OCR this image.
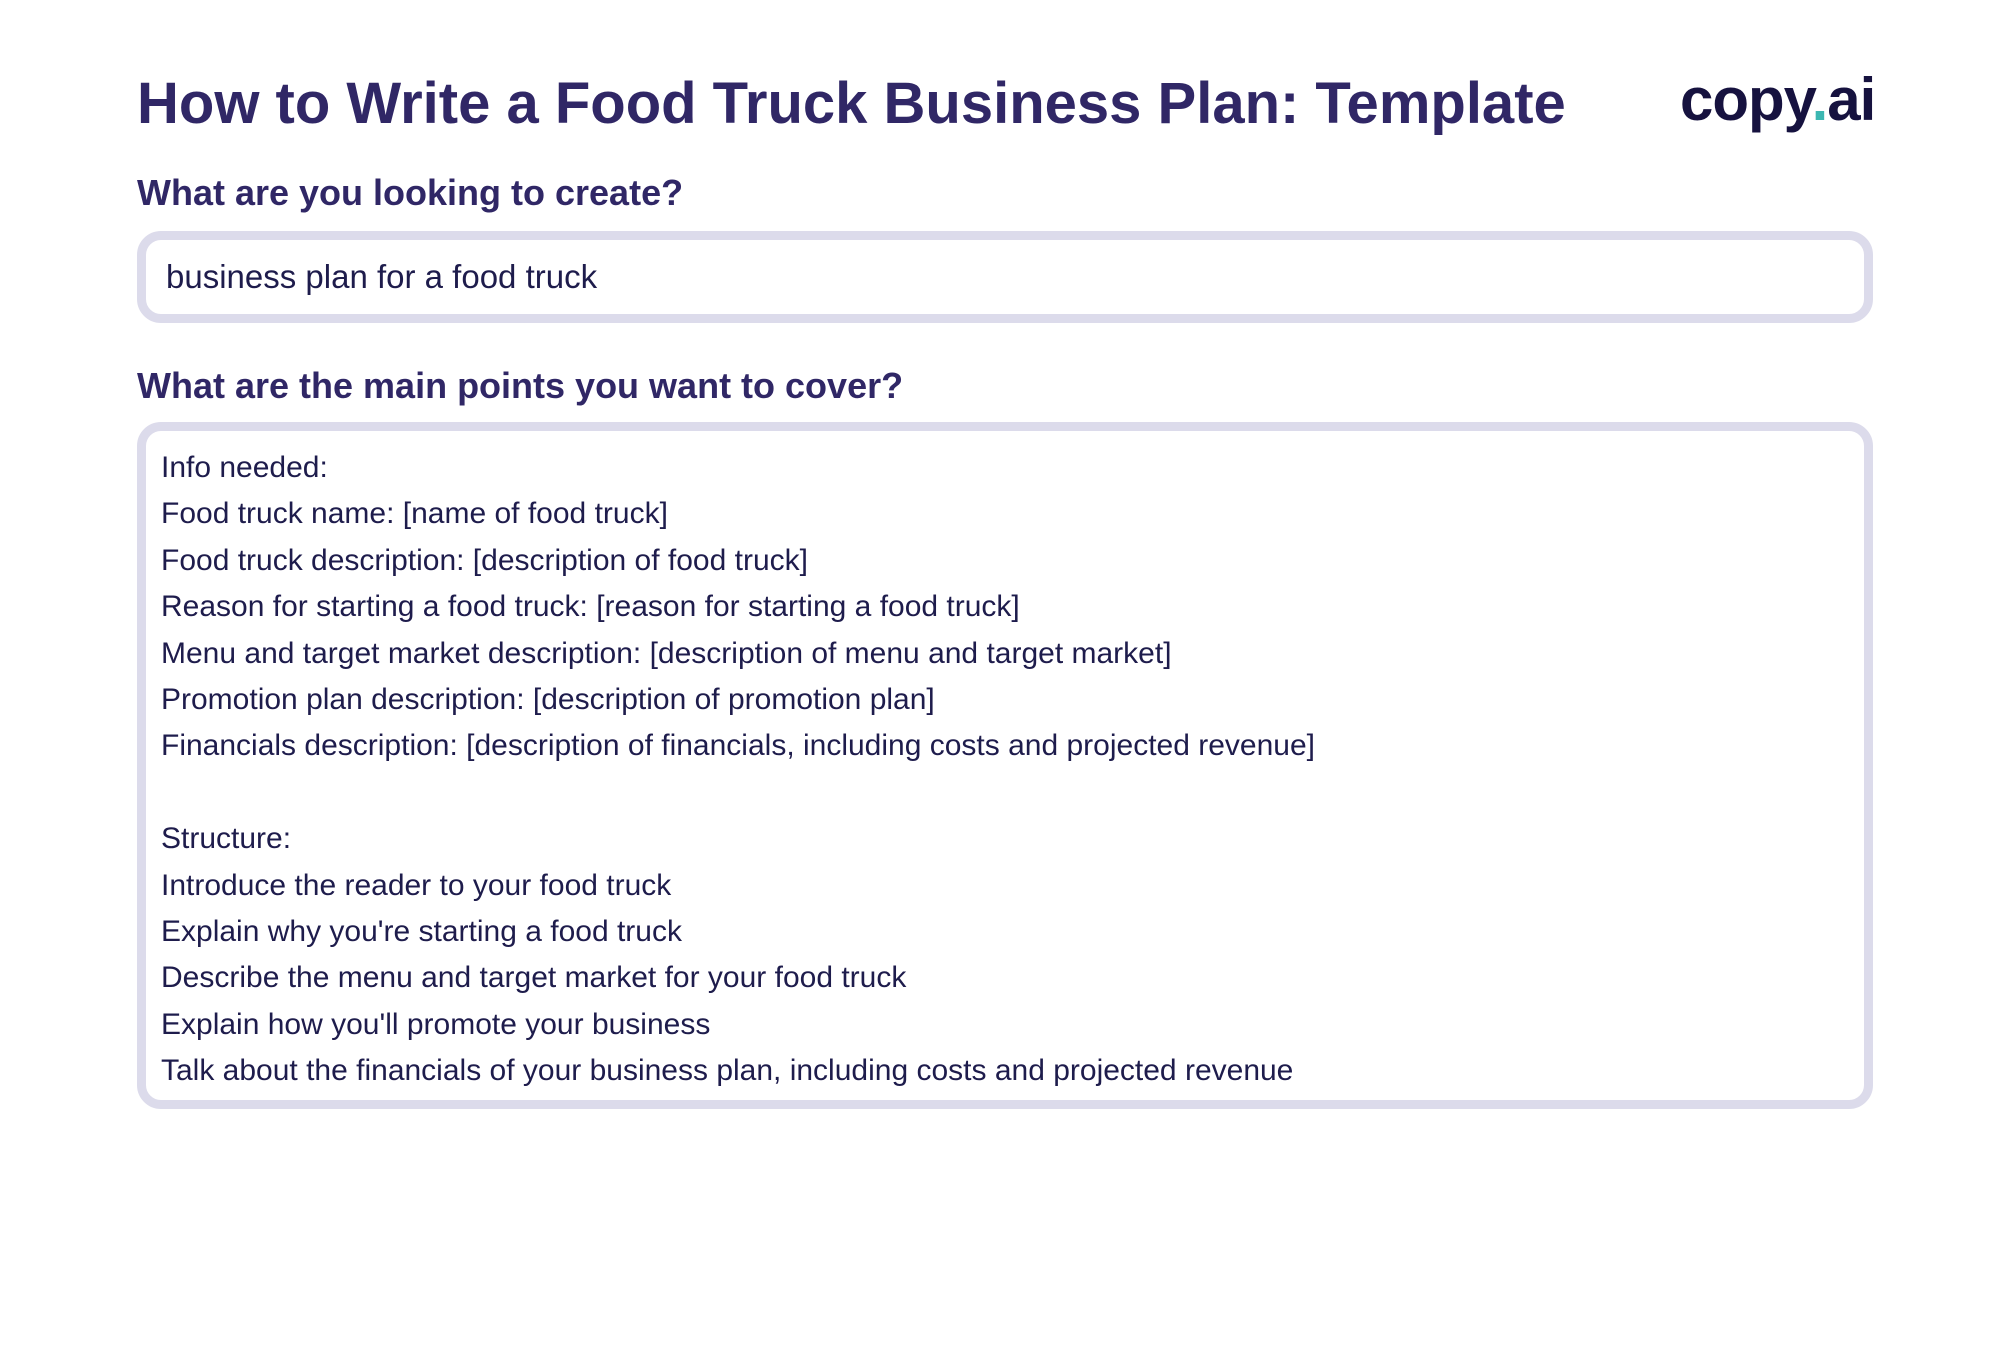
How to Write a Food Truck Business Plan: Template copy.ai
What are you looking to create?
business plan for a food truck
What are the main points you want to cover?
Info needed:
Food truck name: [name of food truck]
Food truck description: [description of food truck]
Reason for starting a food truck: [reason for starting a food truck]
Menu and target market description: [description of menu and target market]
Promotion plan description: [description of promotion plan]
Financials description: [description of financials, including costs and projected revenue]
Structure:
Introduce the reader to your food truck
Explain why you're starting a food truck
Describe the menu and target market for your food truck
Explain how you'll promote your business
Talk about the financials of your business plan, including costs and projected revenue
